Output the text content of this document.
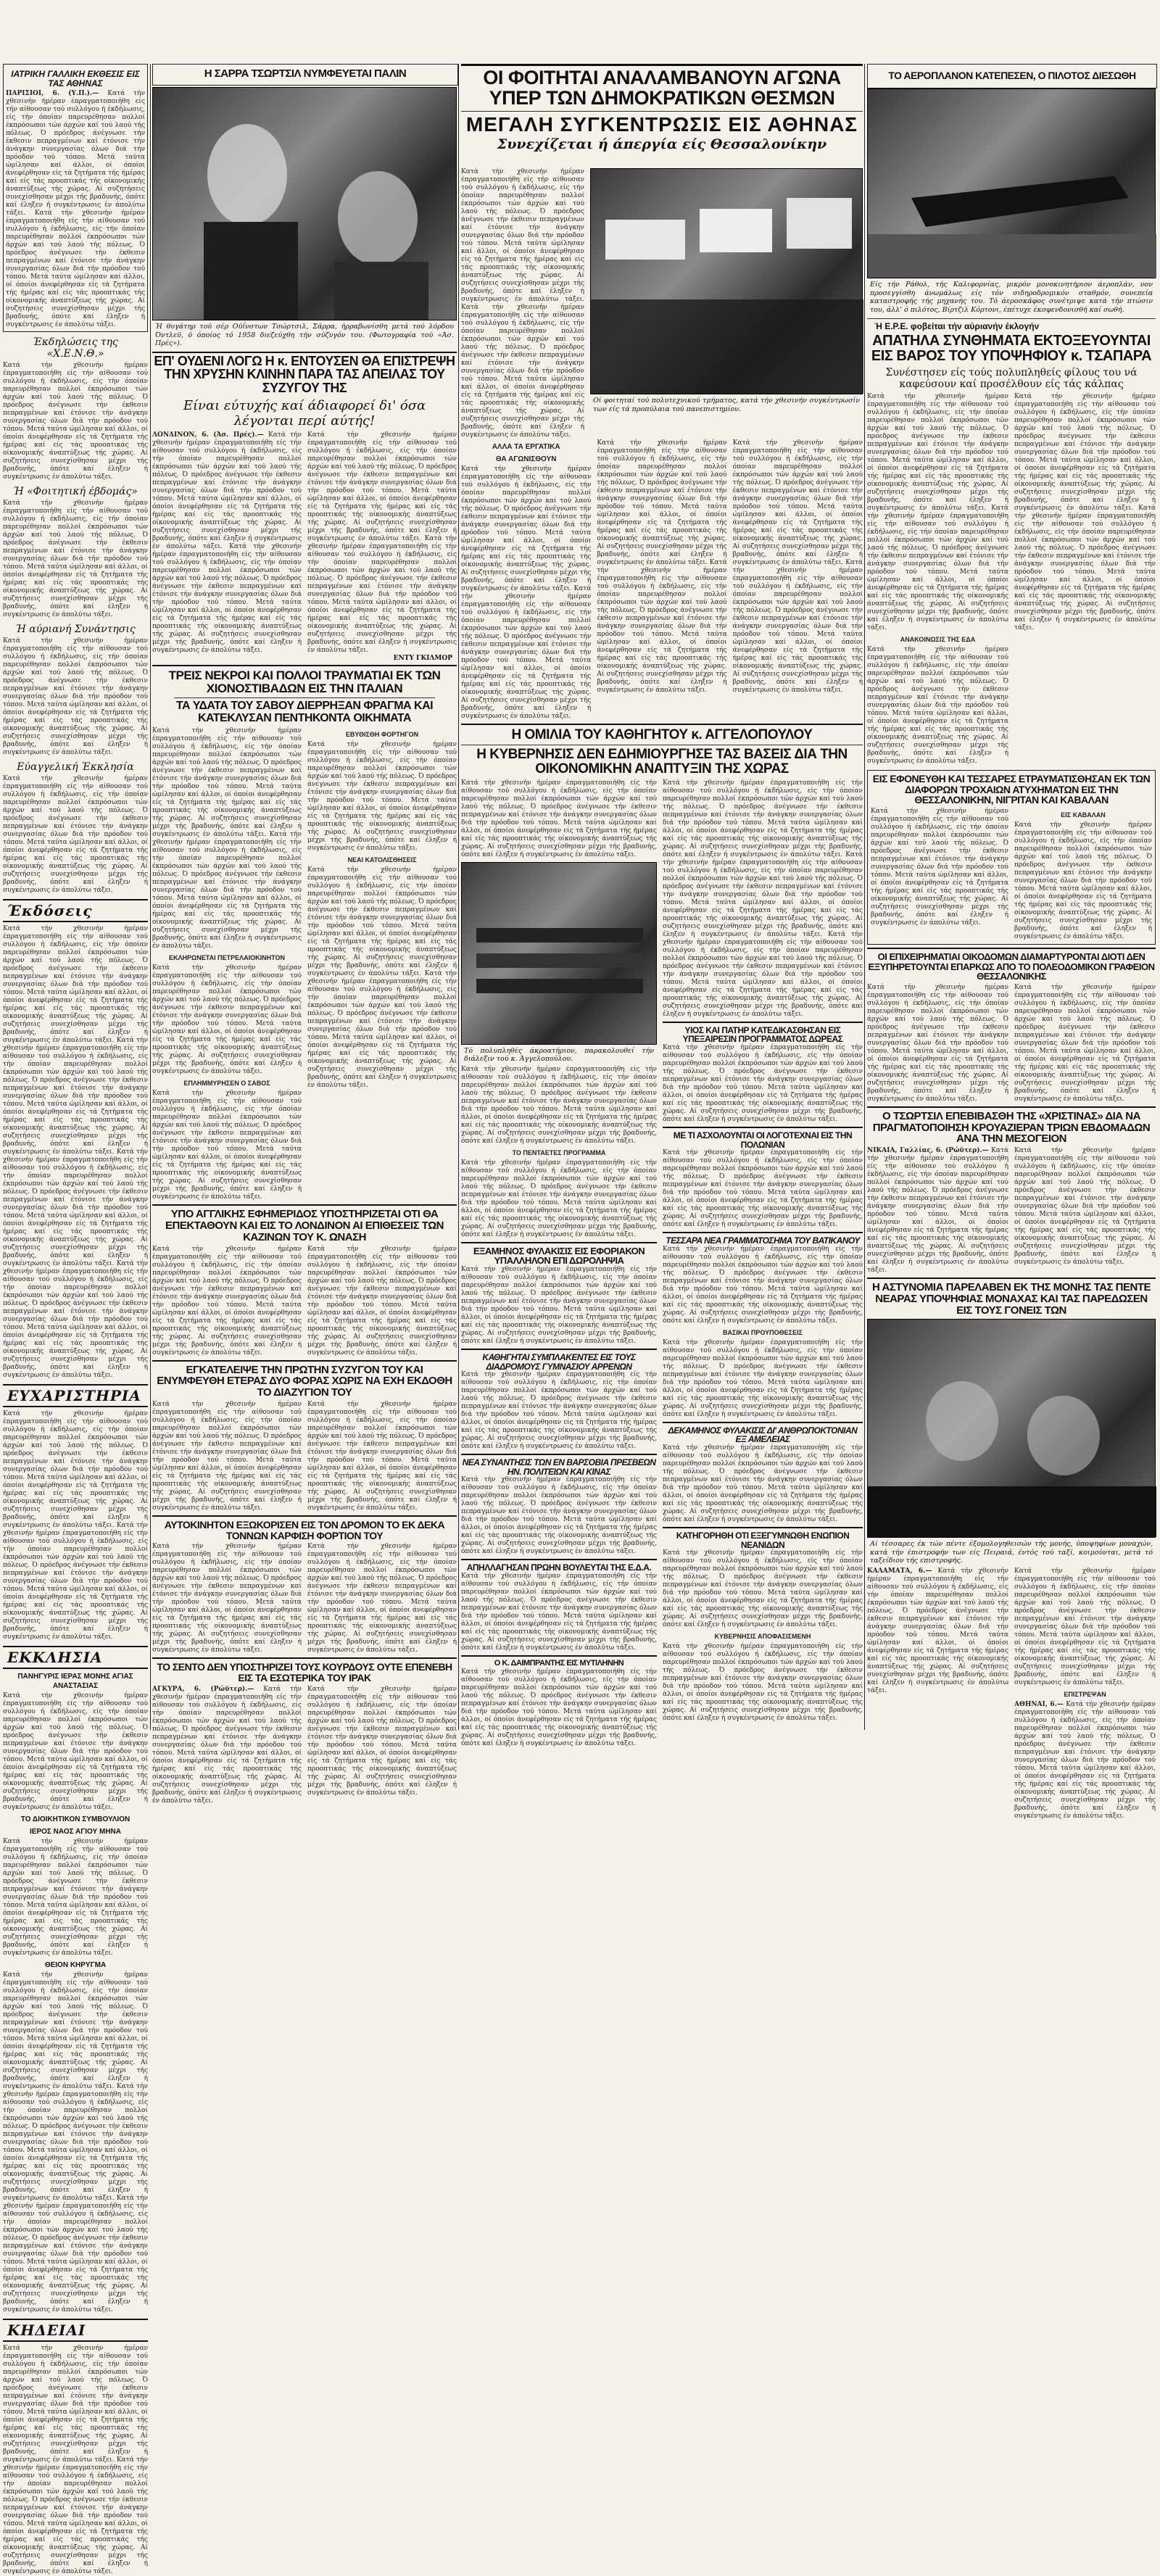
Η ΣΑΡΡΑ ΤΣΩΡΤΣΙΛ ΝΥΜΦΕΥΕΤΑΙ ΠΑΛΙΝ	ΟΙ ΦΟΙΤΗΤΑΙ ΑΝΑΛΑΜΒΑΝΟΥΝ ΑΓΩΝΑ
ΥΠΕΡ ΤΩΝ ΔΗΜΟΚΡΑΤΙΚΩΝ ΘΕΣΜΩΝ
ΜΕΓΑΛΗ ΣΥΓΚΕΝΤΡΩΣΙΣ ΕΙΣ ΑΘΗΝΑΣ
Συνεχίζεται ή άπεργία είς Θεσσαλονίκην
ΤΟ ΑΕΡΟΠΛΑΝΟΝ ΚΑΤΕΠΕΣΕΝ, Ο ΠΙΛΟΤΟΣ ΔΙΕΣΩΘΗ
ΙΑΤΡΙΚΗ ΓΑΛΛΙΚΗ ΕΚΘΕΣΙΣ ΕΙΣ ΤΑΣ ΑΘΗΝΑΣ
ΠΑΡΙΣΙΟΙ, 6. (Υ.Π.).— Κατά τήν χθεσινήν ήμέραν έπραγματοποιήθη είς τήν αίθουσαν τού συλλόγου ή έκδήλωσις, είς τήν όποίαν παρευρέθησαν πολλοί έκπρόσωποι τών άρχών καί τού λαού τής πόλεως. Ό πρόεδρος άνέγνωσε τήν έκθεσιν πεπραγμένων καί έτόνισε τήν άνάγκην συνεργασίας όλων διά τήν πρόοδον τού τόπου. Μετά ταύτα ώμίλησαν καί άλλοι, οί όποίοι άνεφέρθησαν είς τά ζητήματα τής ήμέρας καί είς τάς προοπτικάς τής οίκονομικής άναπτύξεως τής χώρας. Αί συζητήσεις συνεχίσθησαν μέχρι τής βραδυνής, όπότε καί έληξεν ή συγκέντρωσις έν άπολύτω τάξει. Κατά τήν χθεσινήν ήμέραν έπραγματοποιήθη είς τήν αίθουσαν τού συλλόγου ή έκδήλωσις, είς τήν όποίαν παρευρέθησαν πολλοί έκπρόσωποι τών άρχών καί τού λαού τής πόλεως. Ό πρόεδρος άνέγνωσε τήν έκθεσιν πεπραγμένων καί έτόνισε τήν άνάγκην συνεργασίας όλων διά τήν πρόοδον τού τόπου. Μετά ταύτα ώμίλησαν καί άλλοι, οί όποίοι άνεφέρθησαν είς τά ζητήματα τής ήμέρας καί είς τάς προοπτικάς τής οίκονομικής άναπτύξεως τής χώρας. Αί συζητήσεις συνεχίσθησαν μέχρι τής βραδυνής, όπότε καί έληξεν ή συγκέντρωσις έν άπολύτω τάξει.
Έκδηλώσεις της «Χ.Ε.Ν.Θ.»
Κατά τήν χθεσινήν ήμέραν έπραγματοποιήθη είς τήν αίθουσαν τού συλλόγου ή έκδήλωσις, είς τήν όποίαν παρευρέθησαν πολλοί έκπρόσωποι τών άρχών καί τού λαού τής πόλεως. Ό πρόεδρος άνέγνωσε τήν έκθεσιν πεπραγμένων καί έτόνισε τήν άνάγκην συνεργασίας όλων διά τήν πρόοδον τού τόπου. Μετά ταύτα ώμίλησαν καί άλλοι, οί όποίοι άνεφέρθησαν είς τά ζητήματα τής ήμέρας καί είς τάς προοπτικάς τής οίκονομικής άναπτύξεως τής χώρας. Αί συζητήσεις συνεχίσθησαν μέχρι τής βραδυνής, όπότε καί έληξεν ή συγκέντρωσις έν άπολύτω τάξει.
Ή «Φοιτητική έβδομάς»
Κατά τήν χθεσινήν ήμέραν έπραγματοποιήθη είς τήν αίθουσαν τού συλλόγου ή έκδήλωσις, είς τήν όποίαν παρευρέθησαν πολλοί έκπρόσωποι τών άρχών καί τού λαού τής πόλεως. Ό πρόεδρος άνέγνωσε τήν έκθεσιν πεπραγμένων καί έτόνισε τήν άνάγκην συνεργασίας όλων διά τήν πρόοδον τού τόπου. Μετά ταύτα ώμίλησαν καί άλλοι, οί όποίοι άνεφέρθησαν είς τά ζητήματα τής ήμέρας καί είς τάς προοπτικάς τής οίκονομικής άναπτύξεως τής χώρας. Αί συζητήσεις συνεχίσθησαν μέχρι τής βραδυνής, όπότε καί έληξεν ή συγκέντρωσις έν άπολύτω τάξει.
Ή αύριανή Συνάντησις
Κατά τήν χθεσινήν ήμέραν έπραγματοποιήθη είς τήν αίθουσαν τού συλλόγου ή έκδήλωσις, είς τήν όποίαν παρευρέθησαν πολλοί έκπρόσωποι τών άρχών καί τού λαού τής πόλεως. Ό πρόεδρος άνέγνωσε τήν έκθεσιν πεπραγμένων καί έτόνισε τήν άνάγκην συνεργασίας όλων διά τήν πρόοδον τού τόπου. Μετά ταύτα ώμίλησαν καί άλλοι, οί όποίοι άνεφέρθησαν είς τά ζητήματα τής ήμέρας καί είς τάς προοπτικάς τής οίκονομικής άναπτύξεως τής χώρας. Αί συζητήσεις συνεχίσθησαν μέχρι τής βραδυνής, όπότε καί έληξεν ή συγκέντρωσις έν άπολύτω τάξει.
Εύαγγελική Έκκλησία
Κατά τήν χθεσινήν ήμέραν έπραγματοποιήθη είς τήν αίθουσαν τού συλλόγου ή έκδήλωσις, είς τήν όποίαν παρευρέθησαν πολλοί έκπρόσωποι τών άρχών καί τού λαού τής πόλεως. Ό πρόεδρος άνέγνωσε τήν έκθεσιν πεπραγμένων καί έτόνισε τήν άνάγκην συνεργασίας όλων διά τήν πρόοδον τού τόπου. Μετά ταύτα ώμίλησαν καί άλλοι, οί όποίοι άνεφέρθησαν είς τά ζητήματα τής ήμέρας καί είς τάς προοπτικάς τής οίκονομικής άναπτύξεως τής χώρας. Αί συζητήσεις συνεχίσθησαν μέχρι τής βραδυνής, όπότε καί έληξεν ή συγκέντρωσις έν άπολύτω τάξει.
Έκδόσεις
Κατά τήν χθεσινήν ήμέραν έπραγματοποιήθη είς τήν αίθουσαν τού συλλόγου ή έκδήλωσις, είς τήν όποίαν παρευρέθησαν πολλοί έκπρόσωποι τών άρχών καί τού λαού τής πόλεως. Ό πρόεδρος άνέγνωσε τήν έκθεσιν πεπραγμένων καί έτόνισε τήν άνάγκην συνεργασίας όλων διά τήν πρόοδον τού τόπου. Μετά ταύτα ώμίλησαν καί άλλοι, οί όποίοι άνεφέρθησαν είς τά ζητήματα τής ήμέρας καί είς τάς προοπτικάς τής οίκονομικής άναπτύξεως τής χώρας. Αί συζητήσεις συνεχίσθησαν μέχρι τής βραδυνής, όπότε καί έληξεν ή συγκέντρωσις έν άπολύτω τάξει. Κατά τήν χθεσινήν ήμέραν έπραγματοποιήθη είς τήν αίθουσαν τού συλλόγου ή έκδήλωσις, είς τήν όποίαν παρευρέθησαν πολλοί έκπρόσωποι τών άρχών καί τού λαού τής πόλεως. Ό πρόεδρος άνέγνωσε τήν έκθεσιν πεπραγμένων καί έτόνισε τήν άνάγκην συνεργασίας όλων διά τήν πρόοδον τού τόπου. Μετά ταύτα ώμίλησαν καί άλλοι, οί όποίοι άνεφέρθησαν είς τά ζητήματα τής ήμέρας καί είς τάς προοπτικάς τής οίκονομικής άναπτύξεως τής χώρας. Αί συζητήσεις συνεχίσθησαν μέχρι τής βραδυνής, όπότε καί έληξεν ή συγκέντρωσις έν άπολύτω τάξει. Κατά τήν χθεσινήν ήμέραν έπραγματοποιήθη είς τήν αίθουσαν τού συλλόγου ή έκδήλωσις, είς τήν όποίαν παρευρέθησαν πολλοί έκπρόσωποι τών άρχών καί τού λαού τής πόλεως. Ό πρόεδρος άνέγνωσε τήν έκθεσιν πεπραγμένων καί έτόνισε τήν άνάγκην συνεργασίας όλων διά τήν πρόοδον τού τόπου. Μετά ταύτα ώμίλησαν καί άλλοι, οί όποίοι άνεφέρθησαν είς τά ζητήματα τής ήμέρας καί είς τάς προοπτικάς τής οίκονομικής άναπτύξεως τής χώρας. Αί συζητήσεις συνεχίσθησαν μέχρι τής βραδυνής, όπότε καί έληξεν ή συγκέντρωσις έν άπολύτω τάξει. Κατά τήν χθεσινήν ήμέραν έπραγματοποιήθη είς τήν αίθουσαν τού συλλόγου ή έκδήλωσις, είς τήν όποίαν παρευρέθησαν πολλοί έκπρόσωποι τών άρχών καί τού λαού τής πόλεως. Ό πρόεδρος άνέγνωσε τήν έκθεσιν πεπραγμένων καί έτόνισε τήν άνάγκην συνεργασίας όλων διά τήν πρόοδον τού τόπου. Μετά ταύτα ώμίλησαν καί άλλοι, οί όποίοι άνεφέρθησαν είς τά ζητήματα τής ήμέρας καί είς τάς προοπτικάς τής οίκονομικής άναπτύξεως τής χώρας. Αί συζητήσεις συνεχίσθησαν μέχρι τής βραδυνής, όπότε καί έληξεν ή συγκέντρωσις έν άπολύτω τάξει.
ΕΥΧΑΡΙΣΤΗΡΙΑ
Κατά τήν χθεσινήν ήμέραν έπραγματοποιήθη είς τήν αίθουσαν τού συλλόγου ή έκδήλωσις, είς τήν όποίαν παρευρέθησαν πολλοί έκπρόσωποι τών άρχών καί τού λαού τής πόλεως. Ό πρόεδρος άνέγνωσε τήν έκθεσιν πεπραγμένων καί έτόνισε τήν άνάγκην συνεργασίας όλων διά τήν πρόοδον τού τόπου. Μετά ταύτα ώμίλησαν καί άλλοι, οί όποίοι άνεφέρθησαν είς τά ζητήματα τής ήμέρας καί είς τάς προοπτικάς τής οίκονομικής άναπτύξεως τής χώρας. Αί συζητήσεις συνεχίσθησαν μέχρι τής βραδυνής, όπότε καί έληξεν ή συγκέντρωσις έν άπολύτω τάξει. Κατά τήν χθεσινήν ήμέραν έπραγματοποιήθη είς τήν αίθουσαν τού συλλόγου ή έκδήλωσις, είς τήν όποίαν παρευρέθησαν πολλοί έκπρόσωποι τών άρχών καί τού λαού τής πόλεως. Ό πρόεδρος άνέγνωσε τήν έκθεσιν πεπραγμένων καί έτόνισε τήν άνάγκην συνεργασίας όλων διά τήν πρόοδον τού τόπου. Μετά ταύτα ώμίλησαν καί άλλοι, οί όποίοι άνεφέρθησαν είς τά ζητήματα τής ήμέρας καί είς τάς προοπτικάς τής οίκονομικής άναπτύξεως τής χώρας. Αί συζητήσεις συνεχίσθησαν μέχρι τής βραδυνής, όπότε καί έληξεν ή συγκέντρωσις έν άπολύτω τάξει.
ΕΚΚΛΗΣΙΑ
ΠΑΝΗΓΥΡΙΣ ΙΕΡΑΣ ΜΟΝΗΣ ΑΓΙΑΣ ΑΝΑΣΤΑΣΙΑΣ
Κατά τήν χθεσινήν ήμέραν έπραγματοποιήθη είς τήν αίθουσαν τού συλλόγου ή έκδήλωσις, είς τήν όποίαν παρευρέθησαν πολλοί έκπρόσωποι τών άρχών καί τού λαού τής πόλεως. Ό πρόεδρος άνέγνωσε τήν έκθεσιν πεπραγμένων καί έτόνισε τήν άνάγκην συνεργασίας όλων διά τήν πρόοδον τού τόπου. Μετά ταύτα ώμίλησαν καί άλλοι, οί όποίοι άνεφέρθησαν είς τά ζητήματα τής ήμέρας καί είς τάς προοπτικάς τής οίκονομικής άναπτύξεως τής χώρας. Αί συζητήσεις συνεχίσθησαν μέχρι τής βραδυνής, όπότε καί έληξεν ή συγκέντρωσις έν άπολύτω τάξει.
ΤΟ ΔΙΟΙΚΗΤΙΚΟΝ ΣΥΜΒΟΥΛΙΟΝ
ΙΕΡΟΣ ΝΑΟΣ ΑΓΙΟΥ ΜΗΝΑ
Κατά τήν χθεσινήν ήμέραν έπραγματοποιήθη είς τήν αίθουσαν τού συλλόγου ή έκδήλωσις, είς τήν όποίαν παρευρέθησαν πολλοί έκπρόσωποι τών άρχών καί τού λαού τής πόλεως. Ό πρόεδρος άνέγνωσε τήν έκθεσιν πεπραγμένων καί έτόνισε τήν άνάγκην συνεργασίας όλων διά τήν πρόοδον τού τόπου. Μετά ταύτα ώμίλησαν καί άλλοι, οί όποίοι άνεφέρθησαν είς τά ζητήματα τής ήμέρας καί είς τάς προοπτικάς τής οίκονομικής άναπτύξεως τής χώρας. Αί συζητήσεις συνεχίσθησαν μέχρι τής βραδυνής, όπότε καί έληξεν ή συγκέντρωσις έν άπολύτω τάξει.
ΘΕΙΟΝ ΚΗΡΥΓΜΑ
Κατά τήν χθεσινήν ήμέραν έπραγματοποιήθη είς τήν αίθουσαν τού συλλόγου ή έκδήλωσις, είς τήν όποίαν παρευρέθησαν πολλοί έκπρόσωποι τών άρχών καί τού λαού τής πόλεως. Ό πρόεδρος άνέγνωσε τήν έκθεσιν πεπραγμένων καί έτόνισε τήν άνάγκην συνεργασίας όλων διά τήν πρόοδον τού τόπου. Μετά ταύτα ώμίλησαν καί άλλοι, οί όποίοι άνεφέρθησαν είς τά ζητήματα τής ήμέρας καί είς τάς προοπτικάς τής οίκονομικής άναπτύξεως τής χώρας. Αί συζητήσεις συνεχίσθησαν μέχρι τής βραδυνής, όπότε καί έληξεν ή συγκέντρωσις έν άπολύτω τάξει. Κατά τήν χθεσινήν ήμέραν έπραγματοποιήθη είς τήν αίθουσαν τού συλλόγου ή έκδήλωσις, είς τήν όποίαν παρευρέθησαν πολλοί έκπρόσωποι τών άρχών καί τού λαού τής πόλεως. Ό πρόεδρος άνέγνωσε τήν έκθεσιν πεπραγμένων καί έτόνισε τήν άνάγκην συνεργασίας όλων διά τήν πρόοδον τού τόπου. Μετά ταύτα ώμίλησαν καί άλλοι, οί όποίοι άνεφέρθησαν είς τά ζητήματα τής ήμέρας καί είς τάς προοπτικάς τής οίκονομικής άναπτύξεως τής χώρας. Αί συζητήσεις συνεχίσθησαν μέχρι τής βραδυνής, όπότε καί έληξεν ή συγκέντρωσις έν άπολύτω τάξει. Κατά τήν χθεσινήν ήμέραν έπραγματοποιήθη είς τήν αίθουσαν τού συλλόγου ή έκδήλωσις, είς τήν όποίαν παρευρέθησαν πολλοί έκπρόσωποι τών άρχών καί τού λαού τής πόλεως. Ό πρόεδρος άνέγνωσε τήν έκθεσιν πεπραγμένων καί έτόνισε τήν άνάγκην συνεργασίας όλων διά τήν πρόοδον τού τόπου. Μετά ταύτα ώμίλησαν καί άλλοι, οί όποίοι άνεφέρθησαν είς τά ζητήματα τής ήμέρας καί είς τάς προοπτικάς τής οίκονομικής άναπτύξεως τής χώρας. Αί συζητήσεις συνεχίσθησαν μέχρι τής βραδυνής, όπότε καί έληξεν ή συγκέντρωσις έν άπολύτω τάξει.
ΚΗΔΕΙΑΙ
Κατά τήν χθεσινήν ήμέραν έπραγματοποιήθη είς τήν αίθουσαν τού συλλόγου ή έκδήλωσις, είς τήν όποίαν παρευρέθησαν πολλοί έκπρόσωποι τών άρχών καί τού λαού τής πόλεως. Ό πρόεδρος άνέγνωσε τήν έκθεσιν πεπραγμένων καί έτόνισε τήν άνάγκην συνεργασίας όλων διά τήν πρόοδον τού τόπου. Μετά ταύτα ώμίλησαν καί άλλοι, οί όποίοι άνεφέρθησαν είς τά ζητήματα τής ήμέρας καί είς τάς προοπτικάς τής οίκονομικής άναπτύξεως τής χώρας. Αί συζητήσεις συνεχίσθησαν μέχρι τής βραδυνής, όπότε καί έληξεν ή συγκέντρωσις έν άπολύτω τάξει. Κατά τήν χθεσινήν ήμέραν έπραγματοποιήθη είς τήν αίθουσαν τού συλλόγου ή έκδήλωσις, είς τήν όποίαν παρευρέθησαν πολλοί έκπρόσωποι τών άρχών καί τού λαού τής πόλεως. Ό πρόεδρος άνέγνωσε τήν έκθεσιν πεπραγμένων καί έτόνισε τήν άνάγκην συνεργασίας όλων διά τήν πρόοδον τού τόπου. Μετά ταύτα ώμίλησαν καί άλλοι, οί όποίοι άνεφέρθησαν είς τά ζητήματα τής ήμέρας καί είς τάς προοπτικάς τής οίκονομικής άναπτύξεως τής χώρας. Αί συζητήσεις συνεχίσθησαν μέχρι τής βραδυνής, όπότε καί έληξεν ή συγκέντρωσις έν άπολύτω τάξει.
Ή θυγάτηρ τού σέρ Ούΐνστων Τσώρτσιλ, Σάρρα, ήρραβωνίσθη μετά τού λόρδου Όντλεϋ, ό όποίος τό 1958 διεζεύχθη τήν σύζυγόν του. (Φωτογραφία τού «Άσ. Πρές»).
ΕΠ' ΟΥΔΕΝΙ ΛΟΓΩ Η κ. ΕΝΤΟΥΣΕΝ ΘΑ ΕΠΙΣΤΡΕΨΗ ΤΗΝ ΧΡΥΣΗΝ ΚΛΙΝΗΝ ΠΑΡΑ ΤΑΣ ΑΠΕΙΛΑΣ ΤΟΥ ΣΥΖΥΓΟΥ ΤΗΣ
Είναι εύτυχής καί άδιαφορεί δι' όσα λέγονται περί αύτής!
ΛΟΝΔΙΝΟΝ, 6. (Άσ. Πρές).— Κατά τήν χθεσινήν ήμέραν έπραγματοποιήθη είς τήν αίθουσαν τού συλλόγου ή έκδήλωσις, είς τήν όποίαν παρευρέθησαν πολλοί έκπρόσωποι τών άρχών καί τού λαού τής πόλεως. Ό πρόεδρος άνέγνωσε τήν έκθεσιν πεπραγμένων καί έτόνισε τήν άνάγκην συνεργασίας όλων διά τήν πρόοδον τού τόπου. Μετά ταύτα ώμίλησαν καί άλλοι, οί όποίοι άνεφέρθησαν είς τά ζητήματα τής ήμέρας καί είς τάς προοπτικάς τής οίκονομικής άναπτύξεως τής χώρας. Αί συζητήσεις συνεχίσθησαν μέχρι τής βραδυνής, όπότε καί έληξεν ή συγκέντρωσις έν άπολύτω τάξει. Κατά τήν χθεσινήν ήμέραν έπραγματοποιήθη είς τήν αίθουσαν τού συλλόγου ή έκδήλωσις, είς τήν όποίαν παρευρέθησαν πολλοί έκπρόσωποι τών άρχών καί τού λαού τής πόλεως. Ό πρόεδρος άνέγνωσε τήν έκθεσιν πεπραγμένων καί έτόνισε τήν άνάγκην συνεργασίας όλων διά τήν πρόοδον τού τόπου. Μετά ταύτα ώμίλησαν καί άλλοι, οί όποίοι άνεφέρθησαν είς τά ζητήματα τής ήμέρας καί είς τάς προοπτικάς τής οίκονομικής άναπτύξεως τής χώρας. Αί συζητήσεις συνεχίσθησαν μέχρι τής βραδυνής, όπότε καί έληξεν ή συγκέντρωσις έν άπολύτω τάξει.
Κατά τήν χθεσινήν ήμέραν έπραγματοποιήθη είς τήν αίθουσαν τού συλλόγου ή έκδήλωσις, είς τήν όποίαν παρευρέθησαν πολλοί έκπρόσωποι τών άρχών καί τού λαού τής πόλεως. Ό πρόεδρος άνέγνωσε τήν έκθεσιν πεπραγμένων καί έτόνισε τήν άνάγκην συνεργασίας όλων διά τήν πρόοδον τού τόπου. Μετά ταύτα ώμίλησαν καί άλλοι, οί όποίοι άνεφέρθησαν είς τά ζητήματα τής ήμέρας καί είς τάς προοπτικάς τής οίκονομικής άναπτύξεως τής χώρας. Αί συζητήσεις συνεχίσθησαν μέχρι τής βραδυνής, όπότε καί έληξεν ή συγκέντρωσις έν άπολύτω τάξει. Κατά τήν χθεσινήν ήμέραν έπραγματοποιήθη είς τήν αίθουσαν τού συλλόγου ή έκδήλωσις, είς τήν όποίαν παρευρέθησαν πολλοί έκπρόσωποι τών άρχών καί τού λαού τής πόλεως. Ό πρόεδρος άνέγνωσε τήν έκθεσιν πεπραγμένων καί έτόνισε τήν άνάγκην συνεργασίας όλων διά τήν πρόοδον τού τόπου. Μετά ταύτα ώμίλησαν καί άλλοι, οί όποίοι άνεφέρθησαν είς τά ζητήματα τής ήμέρας καί είς τάς προοπτικάς τής οίκονομικής άναπτύξεως τής χώρας. Αί συζητήσεις συνεχίσθησαν μέχρι τής βραδυνής, όπότε καί έληξεν ή συγκέντρωσις έν άπολύτω τάξει.
ΕΝΤΥ ΓΚΙΛΜΟΡ
ΤΡΕΙΣ ΝΕΚΡΟΙ ΚΑΙ ΠΟΛΛΟΙ ΤΡΑΥΜΑΤΙΑΙ ΕΚ ΤΩΝ ΧΙΟΝΟΣΤΙΒΑΔΩΝ ΕΙΣ ΤΗΝ ΙΤΑΛΙΑΝ
ΤΑ ΥΔΑΤΑ ΤΟΥ ΣΑΒΟΥ ΔΙΕΡΡΗΞΑΝ ΦΡΑΓΜΑ ΚΑΙ ΚΑΤΕΚΛΥΣΑΝ ΠΕΝΤΗΚΟΝΤΑ ΟΙΚΗΜΑΤΑ
Κατά τήν χθεσινήν ήμέραν έπραγματοποιήθη είς τήν αίθουσαν τού συλλόγου ή έκδήλωσις, είς τήν όποίαν παρευρέθησαν πολλοί έκπρόσωποι τών άρχών καί τού λαού τής πόλεως. Ό πρόεδρος άνέγνωσε τήν έκθεσιν πεπραγμένων καί έτόνισε τήν άνάγκην συνεργασίας όλων διά τήν πρόοδον τού τόπου. Μετά ταύτα ώμίλησαν καί άλλοι, οί όποίοι άνεφέρθησαν είς τά ζητήματα τής ήμέρας καί είς τάς προοπτικάς τής οίκονομικής άναπτύξεως τής χώρας. Αί συζητήσεις συνεχίσθησαν μέχρι τής βραδυνής, όπότε καί έληξεν ή συγκέντρωσις έν άπολύτω τάξει. Κατά τήν χθεσινήν ήμέραν έπραγματοποιήθη είς τήν αίθουσαν τού συλλόγου ή έκδήλωσις, είς τήν όποίαν παρευρέθησαν πολλοί έκπρόσωποι τών άρχών καί τού λαού τής πόλεως. Ό πρόεδρος άνέγνωσε τήν έκθεσιν πεπραγμένων καί έτόνισε τήν άνάγκην συνεργασίας όλων διά τήν πρόοδον τού τόπου. Μετά ταύτα ώμίλησαν καί άλλοι, οί όποίοι άνεφέρθησαν είς τά ζητήματα τής ήμέρας καί είς τάς προοπτικάς τής οίκονομικής άναπτύξεως τής χώρας. Αί συζητήσεις συνεχίσθησαν μέχρι τής βραδυνής, όπότε καί έληξεν ή συγκέντρωσις έν άπολύτω τάξει.
ΕΚΛΗΡΩΝΕΤΑΙ ΠΕΤΡΕΛΑΙΟΚΙΝΗΤΟΝ
Κατά τήν χθεσινήν ήμέραν έπραγματοποιήθη είς τήν αίθουσαν τού συλλόγου ή έκδήλωσις, είς τήν όποίαν παρευρέθησαν πολλοί έκπρόσωποι τών άρχών καί τού λαού τής πόλεως. Ό πρόεδρος άνέγνωσε τήν έκθεσιν πεπραγμένων καί έτόνισε τήν άνάγκην συνεργασίας όλων διά τήν πρόοδον τού τόπου. Μετά ταύτα ώμίλησαν καί άλλοι, οί όποίοι άνεφέρθησαν είς τά ζητήματα τής ήμέρας καί είς τάς προοπτικάς τής οίκονομικής άναπτύξεως τής χώρας. Αί συζητήσεις συνεχίσθησαν μέχρι τής βραδυνής, όπότε καί έληξεν ή συγκέντρωσις έν άπολύτω τάξει.
ΕΠΛΗΜΜΥΡΗΣΕΝ Ο ΣΑΒΟΣ
Κατά τήν χθεσινήν ήμέραν έπραγματοποιήθη είς τήν αίθουσαν τού συλλόγου ή έκδήλωσις, είς τήν όποίαν παρευρέθησαν πολλοί έκπρόσωποι τών άρχών καί τού λαού τής πόλεως. Ό πρόεδρος άνέγνωσε τήν έκθεσιν πεπραγμένων καί έτόνισε τήν άνάγκην συνεργασίας όλων διά τήν πρόοδον τού τόπου. Μετά ταύτα ώμίλησαν καί άλλοι, οί όποίοι άνεφέρθησαν είς τά ζητήματα τής ήμέρας καί είς τάς προοπτικάς τής οίκονομικής άναπτύξεως τής χώρας. Αί συζητήσεις συνεχίσθησαν μέχρι τής βραδυνής, όπότε καί έληξεν ή συγκέντρωσις έν άπολύτω τάξει.
ΕΒΥΘΙΣΘΗ ΦΟΡΤΗΓΟΝ
Κατά τήν χθεσινήν ήμέραν έπραγματοποιήθη είς τήν αίθουσαν τού συλλόγου ή έκδήλωσις, είς τήν όποίαν παρευρέθησαν πολλοί έκπρόσωποι τών άρχών καί τού λαού τής πόλεως. Ό πρόεδρος άνέγνωσε τήν έκθεσιν πεπραγμένων καί έτόνισε τήν άνάγκην συνεργασίας όλων διά τήν πρόοδον τού τόπου. Μετά ταύτα ώμίλησαν καί άλλοι, οί όποίοι άνεφέρθησαν είς τά ζητήματα τής ήμέρας καί είς τάς προοπτικάς τής οίκονομικής άναπτύξεως τής χώρας. Αί συζητήσεις συνεχίσθησαν μέχρι τής βραδυνής, όπότε καί έληξεν ή συγκέντρωσις έν άπολύτω τάξει.
ΝΕΑΙ ΚΑΤΟΛΙΣΘΗΣΕΙΣ
Κατά τήν χθεσινήν ήμέραν έπραγματοποιήθη είς τήν αίθουσαν τού συλλόγου ή έκδήλωσις, είς τήν όποίαν παρευρέθησαν πολλοί έκπρόσωποι τών άρχών καί τού λαού τής πόλεως. Ό πρόεδρος άνέγνωσε τήν έκθεσιν πεπραγμένων καί έτόνισε τήν άνάγκην συνεργασίας όλων διά τήν πρόοδον τού τόπου. Μετά ταύτα ώμίλησαν καί άλλοι, οί όποίοι άνεφέρθησαν είς τά ζητήματα τής ήμέρας καί είς τάς προοπτικάς τής οίκονομικής άναπτύξεως τής χώρας. Αί συζητήσεις συνεχίσθησαν μέχρι τής βραδυνής, όπότε καί έληξεν ή συγκέντρωσις έν άπολύτω τάξει. Κατά τήν χθεσινήν ήμέραν έπραγματοποιήθη είς τήν αίθουσαν τού συλλόγου ή έκδήλωσις, είς τήν όποίαν παρευρέθησαν πολλοί έκπρόσωποι τών άρχών καί τού λαού τής πόλεως. Ό πρόεδρος άνέγνωσε τήν έκθεσιν πεπραγμένων καί έτόνισε τήν άνάγκην συνεργασίας όλων διά τήν πρόοδον τού τόπου. Μετά ταύτα ώμίλησαν καί άλλοι, οί όποίοι άνεφέρθησαν είς τά ζητήματα τής ήμέρας καί είς τάς προοπτικάς τής οίκονομικής άναπτύξεως τής χώρας. Αί συζητήσεις συνεχίσθησαν μέχρι τής βραδυνής, όπότε καί έληξεν ή συγκέντρωσις έν άπολύτω τάξει.
ΥΠΟ ΑΓΓΛΙΚΗΣ ΕΦΗΜΕΡΙΔΟΣ ΥΠΟΣΤΗΡΙΖΕΤΑΙ ΟΤΙ ΘΑ ΕΠΕΚΤΑΘΟΥΝ ΚΑΙ ΕΙΣ ΤΟ ΛΟΝΔΙΝΟΝ ΑΙ ΕΠΙΘΕΣΕΙΣ ΤΩΝ ΚΑΖΙΝΩΝ ΤΟΥ Κ. ΩΝΑΣΗ
Κατά τήν χθεσινήν ήμέραν έπραγματοποιήθη είς τήν αίθουσαν τού συλλόγου ή έκδήλωσις, είς τήν όποίαν παρευρέθησαν πολλοί έκπρόσωποι τών άρχών καί τού λαού τής πόλεως. Ό πρόεδρος άνέγνωσε τήν έκθεσιν πεπραγμένων καί έτόνισε τήν άνάγκην συνεργασίας όλων διά τήν πρόοδον τού τόπου. Μετά ταύτα ώμίλησαν καί άλλοι, οί όποίοι άνεφέρθησαν είς τά ζητήματα τής ήμέρας καί είς τάς προοπτικάς τής οίκονομικής άναπτύξεως τής χώρας. Αί συζητήσεις συνεχίσθησαν μέχρι τής βραδυνής, όπότε καί έληξεν ή συγκέντρωσις έν άπολύτω τάξει.
Κατά τήν χθεσινήν ήμέραν έπραγματοποιήθη είς τήν αίθουσαν τού συλλόγου ή έκδήλωσις, είς τήν όποίαν παρευρέθησαν πολλοί έκπρόσωποι τών άρχών καί τού λαού τής πόλεως. Ό πρόεδρος άνέγνωσε τήν έκθεσιν πεπραγμένων καί έτόνισε τήν άνάγκην συνεργασίας όλων διά τήν πρόοδον τού τόπου. Μετά ταύτα ώμίλησαν καί άλλοι, οί όποίοι άνεφέρθησαν είς τά ζητήματα τής ήμέρας καί είς τάς προοπτικάς τής οίκονομικής άναπτύξεως τής χώρας. Αί συζητήσεις συνεχίσθησαν μέχρι τής βραδυνής, όπότε καί έληξεν ή συγκέντρωσις έν άπολύτω τάξει.
ΕΓΚΑΤΕΛΕΙΨΕ ΤΗΝ ΠΡΩΤΗΝ ΣΥΖΥΓΟΝ ΤΟΥ ΚΑΙ ΕΝΥΜΦΕΥΘΗ ΕΤΕΡΑΣ ΔΥΟ ΦΟΡΑΣ ΧΩΡΙΣ ΝΑ ΕΧΗ ΕΚΔΟΘΗ ΤΟ ΔΙΑΖΥΓΙΟΝ ΤΟΥ
Κατά τήν χθεσινήν ήμέραν έπραγματοποιήθη είς τήν αίθουσαν τού συλλόγου ή έκδήλωσις, είς τήν όποίαν παρευρέθησαν πολλοί έκπρόσωποι τών άρχών καί τού λαού τής πόλεως. Ό πρόεδρος άνέγνωσε τήν έκθεσιν πεπραγμένων καί έτόνισε τήν άνάγκην συνεργασίας όλων διά τήν πρόοδον τού τόπου. Μετά ταύτα ώμίλησαν καί άλλοι, οί όποίοι άνεφέρθησαν είς τά ζητήματα τής ήμέρας καί είς τάς προοπτικάς τής οίκονομικής άναπτύξεως τής χώρας. Αί συζητήσεις συνεχίσθησαν μέχρι τής βραδυνής, όπότε καί έληξεν ή συγκέντρωσις έν άπολύτω τάξει.
Κατά τήν χθεσινήν ήμέραν έπραγματοποιήθη είς τήν αίθουσαν τού συλλόγου ή έκδήλωσις, είς τήν όποίαν παρευρέθησαν πολλοί έκπρόσωποι τών άρχών καί τού λαού τής πόλεως. Ό πρόεδρος άνέγνωσε τήν έκθεσιν πεπραγμένων καί έτόνισε τήν άνάγκην συνεργασίας όλων διά τήν πρόοδον τού τόπου. Μετά ταύτα ώμίλησαν καί άλλοι, οί όποίοι άνεφέρθησαν είς τά ζητήματα τής ήμέρας καί είς τάς προοπτικάς τής οίκονομικής άναπτύξεως τής χώρας. Αί συζητήσεις συνεχίσθησαν μέχρι τής βραδυνής, όπότε καί έληξεν ή συγκέντρωσις έν άπολύτω τάξει.
ΑΥΤΟΚΙΝΗΤΟΝ ΕΞΩΚΟΡΙΣΕΝ ΕΙΣ ΤΟΝ ΔΡΟΜΟΝ ΤΟ ΕΚ ΔΕΚΑ ΤΟΝΝΩΝ ΚΑΡΦΙΣΗ ΦΟΡΤΙΟΝ ΤΟΥ
Κατά τήν χθεσινήν ήμέραν έπραγματοποιήθη είς τήν αίθουσαν τού συλλόγου ή έκδήλωσις, είς τήν όποίαν παρευρέθησαν πολλοί έκπρόσωποι τών άρχών καί τού λαού τής πόλεως. Ό πρόεδρος άνέγνωσε τήν έκθεσιν πεπραγμένων καί έτόνισε τήν άνάγκην συνεργασίας όλων διά τήν πρόοδον τού τόπου. Μετά ταύτα ώμίλησαν καί άλλοι, οί όποίοι άνεφέρθησαν είς τά ζητήματα τής ήμέρας καί είς τάς προοπτικάς τής οίκονομικής άναπτύξεως τής χώρας. Αί συζητήσεις συνεχίσθησαν μέχρι τής βραδυνής, όπότε καί έληξεν ή συγκέντρωσις έν άπολύτω τάξει.
Κατά τήν χθεσινήν ήμέραν έπραγματοποιήθη είς τήν αίθουσαν τού συλλόγου ή έκδήλωσις, είς τήν όποίαν παρευρέθησαν πολλοί έκπρόσωποι τών άρχών καί τού λαού τής πόλεως. Ό πρόεδρος άνέγνωσε τήν έκθεσιν πεπραγμένων καί έτόνισε τήν άνάγκην συνεργασίας όλων διά τήν πρόοδον τού τόπου. Μετά ταύτα ώμίλησαν καί άλλοι, οί όποίοι άνεφέρθησαν είς τά ζητήματα τής ήμέρας καί είς τάς προοπτικάς τής οίκονομικής άναπτύξεως τής χώρας. Αί συζητήσεις συνεχίσθησαν μέχρι τής βραδυνής, όπότε καί έληξεν ή συγκέντρωσις έν άπολύτω τάξει.
ΤΟ ΣΕΝΤΟ ΔΕΝ ΥΠΟΣΤΗΡΙΖΕΙ ΤΟΥΣ ΚΟΥΡΔΟΥΣ ΟΥΤΕ ΕΠΕΝΕΒΗ ΕΙΣ ΤΑ ΕΣΩΤΕΡΙΚΑ ΤΟΥ ΙΡΑΚ
ΑΓΚΥΡΑ, 6. (Ρώϋτερ).— Κατά τήν χθεσινήν ήμέραν έπραγματοποιήθη είς τήν αίθουσαν τού συλλόγου ή έκδήλωσις, είς τήν όποίαν παρευρέθησαν πολλοί έκπρόσωποι τών άρχών καί τού λαού τής πόλεως. Ό πρόεδρος άνέγνωσε τήν έκθεσιν πεπραγμένων καί έτόνισε τήν άνάγκην συνεργασίας όλων διά τήν πρόοδον τού τόπου. Μετά ταύτα ώμίλησαν καί άλλοι, οί όποίοι άνεφέρθησαν είς τά ζητήματα τής ήμέρας καί είς τάς προοπτικάς τής οίκονομικής άναπτύξεως τής χώρας. Αί συζητήσεις συνεχίσθησαν μέχρι τής βραδυνής, όπότε καί έληξεν ή συγκέντρωσις έν άπολύτω τάξει.
Κατά τήν χθεσινήν ήμέραν έπραγματοποιήθη είς τήν αίθουσαν τού συλλόγου ή έκδήλωσις, είς τήν όποίαν παρευρέθησαν πολλοί έκπρόσωποι τών άρχών καί τού λαού τής πόλεως. Ό πρόεδρος άνέγνωσε τήν έκθεσιν πεπραγμένων καί έτόνισε τήν άνάγκην συνεργασίας όλων διά τήν πρόοδον τού τόπου. Μετά ταύτα ώμίλησαν καί άλλοι, οί όποίοι άνεφέρθησαν είς τά ζητήματα τής ήμέρας καί είς τάς προοπτικάς τής οίκονομικής άναπτύξεως τής χώρας. Αί συζητήσεις συνεχίσθησαν μέχρι τής βραδυνής, όπότε καί έληξεν ή συγκέντρωσις έν άπολύτω τάξει.
Κατά τήν χθεσινήν ήμέραν έπραγματοποιήθη είς τήν αίθουσαν τού συλλόγου ή έκδήλωσις, είς τήν όποίαν παρευρέθησαν πολλοί έκπρόσωποι τών άρχών καί τού λαού τής πόλεως. Ό πρόεδρος άνέγνωσε τήν έκθεσιν πεπραγμένων καί έτόνισε τήν άνάγκην συνεργασίας όλων διά τήν πρόοδον τού τόπου. Μετά ταύτα ώμίλησαν καί άλλοι, οί όποίοι άνεφέρθησαν είς τά ζητήματα τής ήμέρας καί είς τάς προοπτικάς τής οίκονομικής άναπτύξεως τής χώρας. Αί συζητήσεις συνεχίσθησαν μέχρι τής βραδυνής, όπότε καί έληξεν ή συγκέντρωσις έν άπολύτω τάξει. Κατά τήν χθεσινήν ήμέραν έπραγματοποιήθη είς τήν αίθουσαν τού συλλόγου ή έκδήλωσις, είς τήν όποίαν παρευρέθησαν πολλοί έκπρόσωποι τών άρχών καί τού λαού τής πόλεως. Ό πρόεδρος άνέγνωσε τήν έκθεσιν πεπραγμένων καί έτόνισε τήν άνάγκην συνεργασίας όλων διά τήν πρόοδον τού τόπου. Μετά ταύτα ώμίλησαν καί άλλοι, οί όποίοι άνεφέρθησαν είς τά ζητήματα τής ήμέρας καί είς τάς προοπτικάς τής οίκονομικής άναπτύξεως τής χώρας. Αί συζητήσεις συνεχίσθησαν μέχρι τής βραδυνής, όπότε καί έληξεν ή συγκέντρωσις έν άπολύτω τάξει.
Οί φοιτηταί τού πολυτεχνικού τμήματος, κατά τήν χθεσινήν συγκέντρωσίν των είς τά προπύλαια τού πανεπιστημίου.
ΑΛΛΑ ΤΑ ΕΡΓΑΤΙΚΑ
ΘΑ ΑΓΩΝΙΣΘΟΥΝ
Κατά τήν χθεσινήν ήμέραν έπραγματοποιήθη είς τήν αίθουσαν τού συλλόγου ή έκδήλωσις, είς τήν όποίαν παρευρέθησαν πολλοί έκπρόσωποι τών άρχών καί τού λαού τής πόλεως. Ό πρόεδρος άνέγνωσε τήν έκθεσιν πεπραγμένων καί έτόνισε τήν άνάγκην συνεργασίας όλων διά τήν πρόοδον τού τόπου. Μετά ταύτα ώμίλησαν καί άλλοι, οί όποίοι άνεφέρθησαν είς τά ζητήματα τής ήμέρας καί είς τάς προοπτικάς τής οίκονομικής άναπτύξεως τής χώρας. Αί συζητήσεις συνεχίσθησαν μέχρι τής βραδυνής, όπότε καί έληξεν ή συγκέντρωσις έν άπολύτω τάξει. Κατά τήν χθεσινήν ήμέραν έπραγματοποιήθη είς τήν αίθουσαν τού συλλόγου ή έκδήλωσις, είς τήν όποίαν παρευρέθησαν πολλοί έκπρόσωποι τών άρχών καί τού λαού τής πόλεως. Ό πρόεδρος άνέγνωσε τήν έκθεσιν πεπραγμένων καί έτόνισε τήν άνάγκην συνεργασίας όλων διά τήν πρόοδον τού τόπου. Μετά ταύτα ώμίλησαν καί άλλοι, οί όποίοι άνεφέρθησαν είς τά ζητήματα τής ήμέρας καί είς τάς προοπτικάς τής οίκονομικής άναπτύξεως τής χώρας. Αί συζητήσεις συνεχίσθησαν μέχρι τής βραδυνής, όπότε καί έληξεν ή συγκέντρωσις έν άπολύτω τάξει.
Κατά τήν χθεσινήν ήμέραν έπραγματοποιήθη είς τήν αίθουσαν τού συλλόγου ή έκδήλωσις, είς τήν όποίαν παρευρέθησαν πολλοί έκπρόσωποι τών άρχών καί τού λαού τής πόλεως. Ό πρόεδρος άνέγνωσε τήν έκθεσιν πεπραγμένων καί έτόνισε τήν άνάγκην συνεργασίας όλων διά τήν πρόοδον τού τόπου. Μετά ταύτα ώμίλησαν καί άλλοι, οί όποίοι άνεφέρθησαν είς τά ζητήματα τής ήμέρας καί είς τάς προοπτικάς τής οίκονομικής άναπτύξεως τής χώρας. Αί συζητήσεις συνεχίσθησαν μέχρι τής βραδυνής, όπότε καί έληξεν ή συγκέντρωσις έν άπολύτω τάξει. Κατά τήν χθεσινήν ήμέραν έπραγματοποιήθη είς τήν αίθουσαν τού συλλόγου ή έκδήλωσις, είς τήν όποίαν παρευρέθησαν πολλοί έκπρόσωποι τών άρχών καί τού λαού τής πόλεως. Ό πρόεδρος άνέγνωσε τήν έκθεσιν πεπραγμένων καί έτόνισε τήν άνάγκην συνεργασίας όλων διά τήν πρόοδον τού τόπου. Μετά ταύτα ώμίλησαν καί άλλοι, οί όποίοι άνεφέρθησαν είς τά ζητήματα τής ήμέρας καί είς τάς προοπτικάς τής οίκονομικής άναπτύξεως τής χώρας. Αί συζητήσεις συνεχίσθησαν μέχρι τής βραδυνής, όπότε καί έληξεν ή συγκέντρωσις έν άπολύτω τάξει.
Κατά τήν χθεσινήν ήμέραν έπραγματοποιήθη είς τήν αίθουσαν τού συλλόγου ή έκδήλωσις, είς τήν όποίαν παρευρέθησαν πολλοί έκπρόσωποι τών άρχών καί τού λαού τής πόλεως. Ό πρόεδρος άνέγνωσε τήν έκθεσιν πεπραγμένων καί έτόνισε τήν άνάγκην συνεργασίας όλων διά τήν πρόοδον τού τόπου. Μετά ταύτα ώμίλησαν καί άλλοι, οί όποίοι άνεφέρθησαν είς τά ζητήματα τής ήμέρας καί είς τάς προοπτικάς τής οίκονομικής άναπτύξεως τής χώρας. Αί συζητήσεις συνεχίσθησαν μέχρι τής βραδυνής, όπότε καί έληξεν ή συγκέντρωσις έν άπολύτω τάξει. Κατά τήν χθεσινήν ήμέραν έπραγματοποιήθη είς τήν αίθουσαν τού συλλόγου ή έκδήλωσις, είς τήν όποίαν παρευρέθησαν πολλοί έκπρόσωποι τών άρχών καί τού λαού τής πόλεως. Ό πρόεδρος άνέγνωσε τήν έκθεσιν πεπραγμένων καί έτόνισε τήν άνάγκην συνεργασίας όλων διά τήν πρόοδον τού τόπου. Μετά ταύτα ώμίλησαν καί άλλοι, οί όποίοι άνεφέρθησαν είς τά ζητήματα τής ήμέρας καί είς τάς προοπτικάς τής οίκονομικής άναπτύξεως τής χώρας. Αί συζητήσεις συνεχίσθησαν μέχρι τής βραδυνής, όπότε καί έληξεν ή συγκέντρωσις έν άπολύτω τάξει.
Η ΟΜΙΛΙΑ ΤΟΥ ΚΑΘΗΓΗΤΟΥ κ. ΑΓΓΕΛΟΠΟΥΛΟΥ
Η ΚΥΒΕΡΝΗΣΙΣ ΔΕΝ ΕΔΗΜΙΟΥΡΓΗΣΕ ΤΑΣ ΒΑΣΕΙΣ ΔΙΑ ΤΗΝ ΟΙΚΟΝΟΜΙΚΗΝ ΑΝΑΠΤΥΞΙΝ ΤΗΣ ΧΩΡΑΣ
Κατά τήν χθεσινήν ήμέραν έπραγματοποιήθη είς τήν αίθουσαν τού συλλόγου ή έκδήλωσις, είς τήν όποίαν παρευρέθησαν πολλοί έκπρόσωποι τών άρχών καί τού λαού τής πόλεως. Ό πρόεδρος άνέγνωσε τήν έκθεσιν πεπραγμένων καί έτόνισε τήν άνάγκην συνεργασίας όλων διά τήν πρόοδον τού τόπου. Μετά ταύτα ώμίλησαν καί άλλοι, οί όποίοι άνεφέρθησαν είς τά ζητήματα τής ήμέρας καί είς τάς προοπτικάς τής οίκονομικής άναπτύξεως τής χώρας. Αί συζητήσεις συνεχίσθησαν μέχρι τής βραδυνής, όπότε καί έληξεν ή συγκέντρωσις έν άπολύτω τάξει.
Τό πολυπληθές άκροατήριον, παρακολουθεί τήν διάλεξιν τού κ. Άγγελοπούλου.
Κατά τήν χθεσινήν ήμέραν έπραγματοποιήθη είς τήν αίθουσαν τού συλλόγου ή έκδήλωσις, είς τήν όποίαν παρευρέθησαν πολλοί έκπρόσωποι τών άρχών καί τού λαού τής πόλεως. Ό πρόεδρος άνέγνωσε τήν έκθεσιν πεπραγμένων καί έτόνισε τήν άνάγκην συνεργασίας όλων διά τήν πρόοδον τού τόπου. Μετά ταύτα ώμίλησαν καί άλλοι, οί όποίοι άνεφέρθησαν είς τά ζητήματα τής ήμέρας καί είς τάς προοπτικάς τής οίκονομικής άναπτύξεως τής χώρας. Αί συζητήσεις συνεχίσθησαν μέχρι τής βραδυνής, όπότε καί έληξεν ή συγκέντρωσις έν άπολύτω τάξει.
ΤΟ ΠΕΝΤΑΕΤΕΣ ΠΡΟΓΡΑΜΜΑ
Κατά τήν χθεσινήν ήμέραν έπραγματοποιήθη είς τήν αίθουσαν τού συλλόγου ή έκδήλωσις, είς τήν όποίαν παρευρέθησαν πολλοί έκπρόσωποι τών άρχών καί τού λαού τής πόλεως. Ό πρόεδρος άνέγνωσε τήν έκθεσιν πεπραγμένων καί έτόνισε τήν άνάγκην συνεργασίας όλων διά τήν πρόοδον τού τόπου. Μετά ταύτα ώμίλησαν καί άλλοι, οί όποίοι άνεφέρθησαν είς τά ζητήματα τής ήμέρας καί είς τάς προοπτικάς τής οίκονομικής άναπτύξεως τής χώρας. Αί συζητήσεις συνεχίσθησαν μέχρι τής βραδυνής, όπότε καί έληξεν ή συγκέντρωσις έν άπολύτω τάξει.
ΕΞΑΜΗΝΟΣ ΦΥΛΑΚΙΣΙΣ ΕΙΣ ΕΦΟΡΙΑΚΟΝ ΥΠΑΛΛΗΛΟΝ ΕΠΙ ΔΩΡΟΛΗΨΙΑ
Κατά τήν χθεσινήν ήμέραν έπραγματοποιήθη είς τήν αίθουσαν τού συλλόγου ή έκδήλωσις, είς τήν όποίαν παρευρέθησαν πολλοί έκπρόσωποι τών άρχών καί τού λαού τής πόλεως. Ό πρόεδρος άνέγνωσε τήν έκθεσιν πεπραγμένων καί έτόνισε τήν άνάγκην συνεργασίας όλων διά τήν πρόοδον τού τόπου. Μετά ταύτα ώμίλησαν καί άλλοι, οί όποίοι άνεφέρθησαν είς τά ζητήματα τής ήμέρας καί είς τάς προοπτικάς τής οίκονομικής άναπτύξεως τής χώρας. Αί συζητήσεις συνεχίσθησαν μέχρι τής βραδυνής, όπότε καί έληξεν ή συγκέντρωσις έν άπολύτω τάξει.
ΚΑΘΗΓΗΤΑΙ ΣΥΜΠΛΑΚΕΝΤΕΣ ΕΙΣ ΤΟΥΣ ΔΙΑΔΡΟΜΟΥΣ ΓΥΜΝΑΣΙΟΥ ΑΡΡΕΝΩΝ
Κατά τήν χθεσινήν ήμέραν έπραγματοποιήθη είς τήν αίθουσαν τού συλλόγου ή έκδήλωσις, είς τήν όποίαν παρευρέθησαν πολλοί έκπρόσωποι τών άρχών καί τού λαού τής πόλεως. Ό πρόεδρος άνέγνωσε τήν έκθεσιν πεπραγμένων καί έτόνισε τήν άνάγκην συνεργασίας όλων διά τήν πρόοδον τού τόπου. Μετά ταύτα ώμίλησαν καί άλλοι, οί όποίοι άνεφέρθησαν είς τά ζητήματα τής ήμέρας καί είς τάς προοπτικάς τής οίκονομικής άναπτύξεως τής χώρας. Αί συζητήσεις συνεχίσθησαν μέχρι τής βραδυνής, όπότε καί έληξεν ή συγκέντρωσις έν άπολύτω τάξει.
ΝΕΑ ΣΥΝΑΝΤΗΣΙΣ ΤΩΝ ΕΝ ΒΑΡΣΟΒΙΑ ΠΡΕΣΒΕΩΝ ΗΝ. ΠΟΛΙΤΕΙΩΝ ΚΑΙ ΚΙΝΑΣ
Κατά τήν χθεσινήν ήμέραν έπραγματοποιήθη είς τήν αίθουσαν τού συλλόγου ή έκδήλωσις, είς τήν όποίαν παρευρέθησαν πολλοί έκπρόσωποι τών άρχών καί τού λαού τής πόλεως. Ό πρόεδρος άνέγνωσε τήν έκθεσιν πεπραγμένων καί έτόνισε τήν άνάγκην συνεργασίας όλων διά τήν πρόοδον τού τόπου. Μετά ταύτα ώμίλησαν καί άλλοι, οί όποίοι άνεφέρθησαν είς τά ζητήματα τής ήμέρας καί είς τάς προοπτικάς τής οίκονομικής άναπτύξεως τής χώρας. Αί συζητήσεις συνεχίσθησαν μέχρι τής βραδυνής, όπότε καί έληξεν ή συγκέντρωσις έν άπολύτω τάξει.
ΑΠΗΛΛΑΓΗΣΑΝ ΠΡΩΗΝ ΒΟΥΛΕΥΤΑΙ ΤΗΣ Ε.Δ.Α.
Κατά τήν χθεσινήν ήμέραν έπραγματοποιήθη είς τήν αίθουσαν τού συλλόγου ή έκδήλωσις, είς τήν όποίαν παρευρέθησαν πολλοί έκπρόσωποι τών άρχών καί τού λαού τής πόλεως. Ό πρόεδρος άνέγνωσε τήν έκθεσιν πεπραγμένων καί έτόνισε τήν άνάγκην συνεργασίας όλων διά τήν πρόοδον τού τόπου. Μετά ταύτα ώμίλησαν καί άλλοι, οί όποίοι άνεφέρθησαν είς τά ζητήματα τής ήμέρας καί είς τάς προοπτικάς τής οίκονομικής άναπτύξεως τής χώρας. Αί συζητήσεις συνεχίσθησαν μέχρι τής βραδυνής, όπότε καί έληξεν ή συγκέντρωσις έν άπολύτω τάξει.
Ο Κ. ΔΑΙΜΠΡΑΝΤΗΣ ΕΙΣ ΜΥΤΙΛΗΝΗΝ
Κατά τήν χθεσινήν ήμέραν έπραγματοποιήθη είς τήν αίθουσαν τού συλλόγου ή έκδήλωσις, είς τήν όποίαν παρευρέθησαν πολλοί έκπρόσωποι τών άρχών καί τού λαού τής πόλεως. Ό πρόεδρος άνέγνωσε τήν έκθεσιν πεπραγμένων καί έτόνισε τήν άνάγκην συνεργασίας όλων διά τήν πρόοδον τού τόπου. Μετά ταύτα ώμίλησαν καί άλλοι, οί όποίοι άνεφέρθησαν είς τά ζητήματα τής ήμέρας καί είς τάς προοπτικάς τής οίκονομικής άναπτύξεως τής χώρας. Αί συζητήσεις συνεχίσθησαν μέχρι τής βραδυνής, όπότε καί έληξεν ή συγκέντρωσις έν άπολύτω τάξει.
Κατά τήν χθεσινήν ήμέραν έπραγματοποιήθη είς τήν αίθουσαν τού συλλόγου ή έκδήλωσις, είς τήν όποίαν παρευρέθησαν πολλοί έκπρόσωποι τών άρχών καί τού λαού τής πόλεως. Ό πρόεδρος άνέγνωσε τήν έκθεσιν πεπραγμένων καί έτόνισε τήν άνάγκην συνεργασίας όλων διά τήν πρόοδον τού τόπου. Μετά ταύτα ώμίλησαν καί άλλοι, οί όποίοι άνεφέρθησαν είς τά ζητήματα τής ήμέρας καί είς τάς προοπτικάς τής οίκονομικής άναπτύξεως τής χώρας. Αί συζητήσεις συνεχίσθησαν μέχρι τής βραδυνής, όπότε καί έληξεν ή συγκέντρωσις έν άπολύτω τάξει. Κατά τήν χθεσινήν ήμέραν έπραγματοποιήθη είς τήν αίθουσαν τού συλλόγου ή έκδήλωσις, είς τήν όποίαν παρευρέθησαν πολλοί έκπρόσωποι τών άρχών καί τού λαού τής πόλεως. Ό πρόεδρος άνέγνωσε τήν έκθεσιν πεπραγμένων καί έτόνισε τήν άνάγκην συνεργασίας όλων διά τήν πρόοδον τού τόπου. Μετά ταύτα ώμίλησαν καί άλλοι, οί όποίοι άνεφέρθησαν είς τά ζητήματα τής ήμέρας καί είς τάς προοπτικάς τής οίκονομικής άναπτύξεως τής χώρας. Αί συζητήσεις συνεχίσθησαν μέχρι τής βραδυνής, όπότε καί έληξεν ή συγκέντρωσις έν άπολύτω τάξει. Κατά τήν χθεσινήν ήμέραν έπραγματοποιήθη είς τήν αίθουσαν τού συλλόγου ή έκδήλωσις, είς τήν όποίαν παρευρέθησαν πολλοί έκπρόσωποι τών άρχών καί τού λαού τής πόλεως. Ό πρόεδρος άνέγνωσε τήν έκθεσιν πεπραγμένων καί έτόνισε τήν άνάγκην συνεργασίας όλων διά τήν πρόοδον τού τόπου. Μετά ταύτα ώμίλησαν καί άλλοι, οί όποίοι άνεφέρθησαν είς τά ζητήματα τής ήμέρας καί είς τάς προοπτικάς τής οίκονομικής άναπτύξεως τής χώρας. Αί συζητήσεις συνεχίσθησαν μέχρι τής βραδυνής, όπότε καί έληξεν ή συγκέντρωσις έν άπολύτω τάξει.
ΥΙΟΣ ΚΑΙ ΠΑΤΗΡ ΚΑΤΕΔΙΚΑΣΘΗΣΑΝ ΕΙΣ ΥΠΕΞΑΙΡΕΣΙΝ ΠΡΟΓΡΑΜΜΑΤΟΣ ΔΩΡΕΑΣ
Κατά τήν χθεσινήν ήμέραν έπραγματοποιήθη είς τήν αίθουσαν τού συλλόγου ή έκδήλωσις, είς τήν όποίαν παρευρέθησαν πολλοί έκπρόσωποι τών άρχών καί τού λαού τής πόλεως. Ό πρόεδρος άνέγνωσε τήν έκθεσιν πεπραγμένων καί έτόνισε τήν άνάγκην συνεργασίας όλων διά τήν πρόοδον τού τόπου. Μετά ταύτα ώμίλησαν καί άλλοι, οί όποίοι άνεφέρθησαν είς τά ζητήματα τής ήμέρας καί είς τάς προοπτικάς τής οίκονομικής άναπτύξεως τής χώρας. Αί συζητήσεις συνεχίσθησαν μέχρι τής βραδυνής, όπότε καί έληξεν ή συγκέντρωσις έν άπολύτω τάξει.
ΜΕ ΤΙ ΑΣΧΟΛΟΥΝΤΑΙ ΟΙ ΛΟΓΟΤΕΧΝΑΙ ΕΙΣ ΤΗΝ ΠΟΛΩΝΙΑΝ
Κατά τήν χθεσινήν ήμέραν έπραγματοποιήθη είς τήν αίθουσαν τού συλλόγου ή έκδήλωσις, είς τήν όποίαν παρευρέθησαν πολλοί έκπρόσωποι τών άρχών καί τού λαού τής πόλεως. Ό πρόεδρος άνέγνωσε τήν έκθεσιν πεπραγμένων καί έτόνισε τήν άνάγκην συνεργασίας όλων διά τήν πρόοδον τού τόπου. Μετά ταύτα ώμίλησαν καί άλλοι, οί όποίοι άνεφέρθησαν είς τά ζητήματα τής ήμέρας καί είς τάς προοπτικάς τής οίκονομικής άναπτύξεως τής χώρας. Αί συζητήσεις συνεχίσθησαν μέχρι τής βραδυνής, όπότε καί έληξεν ή συγκέντρωσις έν άπολύτω τάξει.
ΤΕΣΣΑΡΑ ΝΕΑ ΓΡΑΜΜΑΤΟΣΗΜΑ ΤΟΥ ΒΑΤΙΚΑΝΟΥ
Κατά τήν χθεσινήν ήμέραν έπραγματοποιήθη είς τήν αίθουσαν τού συλλόγου ή έκδήλωσις, είς τήν όποίαν παρευρέθησαν πολλοί έκπρόσωποι τών άρχών καί τού λαού τής πόλεως. Ό πρόεδρος άνέγνωσε τήν έκθεσιν πεπραγμένων καί έτόνισε τήν άνάγκην συνεργασίας όλων διά τήν πρόοδον τού τόπου. Μετά ταύτα ώμίλησαν καί άλλοι, οί όποίοι άνεφέρθησαν είς τά ζητήματα τής ήμέρας καί είς τάς προοπτικάς τής οίκονομικής άναπτύξεως τής χώρας. Αί συζητήσεις συνεχίσθησαν μέχρι τής βραδυνής, όπότε καί έληξεν ή συγκέντρωσις έν άπολύτω τάξει.
ΒΑΣΙΚΑΙ ΠΡΟΥΠΟΘΕΣΕΙΣ
Κατά τήν χθεσινήν ήμέραν έπραγματοποιήθη είς τήν αίθουσαν τού συλλόγου ή έκδήλωσις, είς τήν όποίαν παρευρέθησαν πολλοί έκπρόσωποι τών άρχών καί τού λαού τής πόλεως. Ό πρόεδρος άνέγνωσε τήν έκθεσιν πεπραγμένων καί έτόνισε τήν άνάγκην συνεργασίας όλων διά τήν πρόοδον τού τόπου. Μετά ταύτα ώμίλησαν καί άλλοι, οί όποίοι άνεφέρθησαν είς τά ζητήματα τής ήμέρας καί είς τάς προοπτικάς τής οίκονομικής άναπτύξεως τής χώρας. Αί συζητήσεις συνεχίσθησαν μέχρι τής βραδυνής, όπότε καί έληξεν ή συγκέντρωσις έν άπολύτω τάξει.
ΔΕΚΑΜΗΝΟΣ ΦΥΛΑΚΙΣΙΣ ΔΙ' ΑΝΘΡΩΠΟΚΤΟΝΙΑΝ ΕΞ ΑΜΕΛΕΙΑΣ
Κατά τήν χθεσινήν ήμέραν έπραγματοποιήθη είς τήν αίθουσαν τού συλλόγου ή έκδήλωσις, είς τήν όποίαν παρευρέθησαν πολλοί έκπρόσωποι τών άρχών καί τού λαού τής πόλεως. Ό πρόεδρος άνέγνωσε τήν έκθεσιν πεπραγμένων καί έτόνισε τήν άνάγκην συνεργασίας όλων διά τήν πρόοδον τού τόπου. Μετά ταύτα ώμίλησαν καί άλλοι, οί όποίοι άνεφέρθησαν είς τά ζητήματα τής ήμέρας καί είς τάς προοπτικάς τής οίκονομικής άναπτύξεως τής χώρας. Αί συζητήσεις συνεχίσθησαν μέχρι τής βραδυνής, όπότε καί έληξεν ή συγκέντρωσις έν άπολύτω τάξει.
ΚΑΤΗΓΟΡΗΘΗ ΟΤΙ ΕΞΕΓΥΜΝΩΘΗ ΕΝΩΠΙΟΝ ΝΕΑΝΙΔΩΝ
Κατά τήν χθεσινήν ήμέραν έπραγματοποιήθη είς τήν αίθουσαν τού συλλόγου ή έκδήλωσις, είς τήν όποίαν παρευρέθησαν πολλοί έκπρόσωποι τών άρχών καί τού λαού τής πόλεως. Ό πρόεδρος άνέγνωσε τήν έκθεσιν πεπραγμένων καί έτόνισε τήν άνάγκην συνεργασίας όλων διά τήν πρόοδον τού τόπου. Μετά ταύτα ώμίλησαν καί άλλοι, οί όποίοι άνεφέρθησαν είς τά ζητήματα τής ήμέρας καί είς τάς προοπτικάς τής οίκονομικής άναπτύξεως τής χώρας. Αί συζητήσεις συνεχίσθησαν μέχρι τής βραδυνής, όπότε καί έληξεν ή συγκέντρωσις έν άπολύτω τάξει.
ΚΥΒΕΡΝΗΣΙΣ ΑΠΟΦΑΣΙΣΜΕΝΗ
Κατά τήν χθεσινήν ήμέραν έπραγματοποιήθη είς τήν αίθουσαν τού συλλόγου ή έκδήλωσις, είς τήν όποίαν παρευρέθησαν πολλοί έκπρόσωποι τών άρχών καί τού λαού τής πόλεως. Ό πρόεδρος άνέγνωσε τήν έκθεσιν πεπραγμένων καί έτόνισε τήν άνάγκην συνεργασίας όλων διά τήν πρόοδον τού τόπου. Μετά ταύτα ώμίλησαν καί άλλοι, οί όποίοι άνεφέρθησαν είς τά ζητήματα τής ήμέρας καί είς τάς προοπτικάς τής οίκονομικής άναπτύξεως τής χώρας. Αί συζητήσεις συνεχίσθησαν μέχρι τής βραδυνής, όπότε καί έληξεν ή συγκέντρωσις έν άπολύτω τάξει.
Είς τήν Ράθολ, τής Καλιφορνίας, μικρόν μονοκινητήριον άεροπλάν, νον προσεγγίσθη άνωμάλως είς τόν σιδηροδρομικόν σταθμόν, συνεπεία καταστροφής τής μηχανής του. Τό άεροσκάφος συνέτριψε κατά τήν πτώσιν του, άλλ' ό πιλότος, Βίρτζιλ Κόρτονι, έπέτυχε έκσφενδονισθή καί σωθή.
Ή Ε.Ρ.Ε. φοβείται τήν αύριανήν έκλογήν
ΑΠΑΤΗΛΑ ΣΥΝΘΗΜΑΤΑ ΕΚΤΟΞΕΥΟΥΝΤΑΙ ΕΙΣ ΒΑΡΟΣ ΤΟΥ ΥΠΟΨΗΦΙΟΥ κ. ΤΣΑΠΑΡΑ
Συνέστησεν είς τούς πολυπληθείς φίλους του νά καφεύσουν καί προσέλθουν είς τάς κάλπας
Κατά τήν χθεσινήν ήμέραν έπραγματοποιήθη είς τήν αίθουσαν τού συλλόγου ή έκδήλωσις, είς τήν όποίαν παρευρέθησαν πολλοί έκπρόσωποι τών άρχών καί τού λαού τής πόλεως. Ό πρόεδρος άνέγνωσε τήν έκθεσιν πεπραγμένων καί έτόνισε τήν άνάγκην συνεργασίας όλων διά τήν πρόοδον τού τόπου. Μετά ταύτα ώμίλησαν καί άλλοι, οί όποίοι άνεφέρθησαν είς τά ζητήματα τής ήμέρας καί είς τάς προοπτικάς τής οίκονομικής άναπτύξεως τής χώρας. Αί συζητήσεις συνεχίσθησαν μέχρι τής βραδυνής, όπότε καί έληξεν ή συγκέντρωσις έν άπολύτω τάξει. Κατά τήν χθεσινήν ήμέραν έπραγματοποιήθη είς τήν αίθουσαν τού συλλόγου ή έκδήλωσις, είς τήν όποίαν παρευρέθησαν πολλοί έκπρόσωποι τών άρχών καί τού λαού τής πόλεως. Ό πρόεδρος άνέγνωσε τήν έκθεσιν πεπραγμένων καί έτόνισε τήν άνάγκην συνεργασίας όλων διά τήν πρόοδον τού τόπου. Μετά ταύτα ώμίλησαν καί άλλοι, οί όποίοι άνεφέρθησαν είς τά ζητήματα τής ήμέρας καί είς τάς προοπτικάς τής οίκονομικής άναπτύξεως τής χώρας. Αί συζητήσεις συνεχίσθησαν μέχρι τής βραδυνής, όπότε καί έληξεν ή συγκέντρωσις έν άπολύτω τάξει.
ΑΝΑΚΟΙΝΩΣΙΣ ΤΗΣ ΕΔΑ
Κατά τήν χθεσινήν ήμέραν έπραγματοποιήθη είς τήν αίθουσαν τού συλλόγου ή έκδήλωσις, είς τήν όποίαν παρευρέθησαν πολλοί έκπρόσωποι τών άρχών καί τού λαού τής πόλεως. Ό πρόεδρος άνέγνωσε τήν έκθεσιν πεπραγμένων καί έτόνισε τήν άνάγκην συνεργασίας όλων διά τήν πρόοδον τού τόπου. Μετά ταύτα ώμίλησαν καί άλλοι, οί όποίοι άνεφέρθησαν είς τά ζητήματα τής ήμέρας καί είς τάς προοπτικάς τής οίκονομικής άναπτύξεως τής χώρας. Αί συζητήσεις συνεχίσθησαν μέχρι τής βραδυνής, όπότε καί έληξεν ή συγκέντρωσις έν άπολύτω τάξει.
Κατά τήν χθεσινήν ήμέραν έπραγματοποιήθη είς τήν αίθουσαν τού συλλόγου ή έκδήλωσις, είς τήν όποίαν παρευρέθησαν πολλοί έκπρόσωποι τών άρχών καί τού λαού τής πόλεως. Ό πρόεδρος άνέγνωσε τήν έκθεσιν πεπραγμένων καί έτόνισε τήν άνάγκην συνεργασίας όλων διά τήν πρόοδον τού τόπου. Μετά ταύτα ώμίλησαν καί άλλοι, οί όποίοι άνεφέρθησαν είς τά ζητήματα τής ήμέρας καί είς τάς προοπτικάς τής οίκονομικής άναπτύξεως τής χώρας. Αί συζητήσεις συνεχίσθησαν μέχρι τής βραδυνής, όπότε καί έληξεν ή συγκέντρωσις έν άπολύτω τάξει. Κατά τήν χθεσινήν ήμέραν έπραγματοποιήθη είς τήν αίθουσαν τού συλλόγου ή έκδήλωσις, είς τήν όποίαν παρευρέθησαν πολλοί έκπρόσωποι τών άρχών καί τού λαού τής πόλεως. Ό πρόεδρος άνέγνωσε τήν έκθεσιν πεπραγμένων καί έτόνισε τήν άνάγκην συνεργασίας όλων διά τήν πρόοδον τού τόπου. Μετά ταύτα ώμίλησαν καί άλλοι, οί όποίοι άνεφέρθησαν είς τά ζητήματα τής ήμέρας καί είς τάς προοπτικάς τής οίκονομικής άναπτύξεως τής χώρας. Αί συζητήσεις συνεχίσθησαν μέχρι τής βραδυνής, όπότε καί έληξεν ή συγκέντρωσις έν άπολύτω τάξει.
ΕΙΣ ΕΦΟΝΕΥΘΗ ΚΑΙ ΤΕΣΣΑΡΕΣ ΕΤΡΑΥΜΑΤΙΣΘΗΣΑΝ ΕΚ ΤΩΝ ΔΙΑΦΟΡΩΝ ΤΡΟΧΑΙΩΝ ΑΤΥΧΗΜΑΤΩΝ ΕΙΣ ΤΗΝ ΘΕΣΣΑΛΟΝΙΚΗΝ, ΝΙΓΡΙΤΑΝ ΚΑΙ ΚΑΒΑΛΑΝ
Κατά τήν χθεσινήν ήμέραν έπραγματοποιήθη είς τήν αίθουσαν τού συλλόγου ή έκδήλωσις, είς τήν όποίαν παρευρέθησαν πολλοί έκπρόσωποι τών άρχών καί τού λαού τής πόλεως. Ό πρόεδρος άνέγνωσε τήν έκθεσιν πεπραγμένων καί έτόνισε τήν άνάγκην συνεργασίας όλων διά τήν πρόοδον τού τόπου. Μετά ταύτα ώμίλησαν καί άλλοι, οί όποίοι άνεφέρθησαν είς τά ζητήματα τής ήμέρας καί είς τάς προοπτικάς τής οίκονομικής άναπτύξεως τής χώρας. Αί συζητήσεις συνεχίσθησαν μέχρι τής βραδυνής, όπότε καί έληξεν ή συγκέντρωσις έν άπολύτω τάξει.
ΕΙΣ ΚΑΒΑΛΑΝ
Κατά τήν χθεσινήν ήμέραν έπραγματοποιήθη είς τήν αίθουσαν τού συλλόγου ή έκδήλωσις, είς τήν όποίαν παρευρέθησαν πολλοί έκπρόσωποι τών άρχών καί τού λαού τής πόλεως. Ό πρόεδρος άνέγνωσε τήν έκθεσιν πεπραγμένων καί έτόνισε τήν άνάγκην συνεργασίας όλων διά τήν πρόοδον τού τόπου. Μετά ταύτα ώμίλησαν καί άλλοι, οί όποίοι άνεφέρθησαν είς τά ζητήματα τής ήμέρας καί είς τάς προοπτικάς τής οίκονομικής άναπτύξεως τής χώρας. Αί συζητήσεις συνεχίσθησαν μέχρι τής βραδυνής, όπότε καί έληξεν ή συγκέντρωσις έν άπολύτω τάξει.
ΟΙ ΕΠΙΧΕΙΡΗΜΑΤΙΑΙ ΟΙΚΟΔΟΜΩΝ ΔΙΑΜΑΡΤΥΡΟΝΤΑΙ ΔΙΟΤΙ ΔΕΝ ΕΞΥΠΗΡΕΤΟΥΝΤΑΙ ΕΠΑΡΚΩΣ ΑΠΟ ΤΟ ΠΟΛΕΟΔΟΜΙΚΟΝ ΓΡΑΦΕΙΟΝ ΘΕΣΣΑΛΟΝΙΚΗΣ
Κατά τήν χθεσινήν ήμέραν έπραγματοποιήθη είς τήν αίθουσαν τού συλλόγου ή έκδήλωσις, είς τήν όποίαν παρευρέθησαν πολλοί έκπρόσωποι τών άρχών καί τού λαού τής πόλεως. Ό πρόεδρος άνέγνωσε τήν έκθεσιν πεπραγμένων καί έτόνισε τήν άνάγκην συνεργασίας όλων διά τήν πρόοδον τού τόπου. Μετά ταύτα ώμίλησαν καί άλλοι, οί όποίοι άνεφέρθησαν είς τά ζητήματα τής ήμέρας καί είς τάς προοπτικάς τής οίκονομικής άναπτύξεως τής χώρας. Αί συζητήσεις συνεχίσθησαν μέχρι τής βραδυνής, όπότε καί έληξεν ή συγκέντρωσις έν άπολύτω τάξει.
Κατά τήν χθεσινήν ήμέραν έπραγματοποιήθη είς τήν αίθουσαν τού συλλόγου ή έκδήλωσις, είς τήν όποίαν παρευρέθησαν πολλοί έκπρόσωποι τών άρχών καί τού λαού τής πόλεως. Ό πρόεδρος άνέγνωσε τήν έκθεσιν πεπραγμένων καί έτόνισε τήν άνάγκην συνεργασίας όλων διά τήν πρόοδον τού τόπου. Μετά ταύτα ώμίλησαν καί άλλοι, οί όποίοι άνεφέρθησαν είς τά ζητήματα τής ήμέρας καί είς τάς προοπτικάς τής οίκονομικής άναπτύξεως τής χώρας. Αί συζητήσεις συνεχίσθησαν μέχρι τής βραδυνής, όπότε καί έληξεν ή συγκέντρωσις έν άπολύτω τάξει.
Ο ΤΣΩΡΤΣΙΛ ΕΠΕΒΙΒΑΣΘΗ ΤΗΣ «ΧΡΙΣΤΙΝΑΣ» ΔΙΑ ΝΑ ΠΡΑΓΜΑΤΟΠΟΙΗΣΗ ΚΡΟΥΑΖΙΕΡΑΝ ΤΡΙΩΝ ΕΒΔΟΜΑΔΩΝ ΑΝΑ ΤΗΝ ΜΕΣΟΓΕΙΟΝ
ΝΙΚΑΙΑ, Γαλλίας, 6. (Ρώϋτερ).— Κατά τήν χθεσινήν ήμέραν έπραγματοποιήθη είς τήν αίθουσαν τού συλλόγου ή έκδήλωσις, είς τήν όποίαν παρευρέθησαν πολλοί έκπρόσωποι τών άρχών καί τού λαού τής πόλεως. Ό πρόεδρος άνέγνωσε τήν έκθεσιν πεπραγμένων καί έτόνισε τήν άνάγκην συνεργασίας όλων διά τήν πρόοδον τού τόπου. Μετά ταύτα ώμίλησαν καί άλλοι, οί όποίοι άνεφέρθησαν είς τά ζητήματα τής ήμέρας καί είς τάς προοπτικάς τής οίκονομικής άναπτύξεως τής χώρας. Αί συζητήσεις συνεχίσθησαν μέχρι τής βραδυνής, όπότε καί έληξεν ή συγκέντρωσις έν άπολύτω τάξει.
Κατά τήν χθεσινήν ήμέραν έπραγματοποιήθη είς τήν αίθουσαν τού συλλόγου ή έκδήλωσις, είς τήν όποίαν παρευρέθησαν πολλοί έκπρόσωποι τών άρχών καί τού λαού τής πόλεως. Ό πρόεδρος άνέγνωσε τήν έκθεσιν πεπραγμένων καί έτόνισε τήν άνάγκην συνεργασίας όλων διά τήν πρόοδον τού τόπου. Μετά ταύτα ώμίλησαν καί άλλοι, οί όποίοι άνεφέρθησαν είς τά ζητήματα τής ήμέρας καί είς τάς προοπτικάς τής οίκονομικής άναπτύξεως τής χώρας. Αί συζητήσεις συνεχίσθησαν μέχρι τής βραδυνής, όπότε καί έληξεν ή συγκέντρωσις έν άπολύτω τάξει.
Η ΑΣΤΥΝΟΜΙΑ ΠΑΡΕΛΑΒΕΝ ΕΚ ΤΗΣ ΜΟΝΗΣ ΤΑΣ ΠΕΝΤΕ ΝΕΑΡΑΣ ΥΠΟΨΗΦΙΑΣ ΜΟΝΑΧΑΣ ΚΑΙ ΤΑΣ ΠΑΡΕΔΩΣΕΝ ΕΙΣ ΤΟΥΣ ΓΟΝΕΙΣ ΤΩΝ
Αί τέσσαρες έκ τών πέντε έξομολογηθεισών τής μονής, ύποψηφίων μοναχών, κατά τήν έπιστροφήν των είς Πειραιά, έντός τού ταξί, κοιμούνται, μετά τό ταξείδιον τής επιστροφής.
ΚΑΛΑΜΑΤΑ, 6.— Κατά τήν χθεσινήν ήμέραν έπραγματοποιήθη είς τήν αίθουσαν τού συλλόγου ή έκδήλωσις, είς τήν όποίαν παρευρέθησαν πολλοί έκπρόσωποι τών άρχών καί τού λαού τής πόλεως. Ό πρόεδρος άνέγνωσε τήν έκθεσιν πεπραγμένων καί έτόνισε τήν άνάγκην συνεργασίας όλων διά τήν πρόοδον τού τόπου. Μετά ταύτα ώμίλησαν καί άλλοι, οί όποίοι άνεφέρθησαν είς τά ζητήματα τής ήμέρας καί είς τάς προοπτικάς τής οίκονομικής άναπτύξεως τής χώρας. Αί συζητήσεις συνεχίσθησαν μέχρι τής βραδυνής, όπότε καί έληξεν ή συγκέντρωσις έν άπολύτω τάξει.
Κατά τήν χθεσινήν ήμέραν έπραγματοποιήθη είς τήν αίθουσαν τού συλλόγου ή έκδήλωσις, είς τήν όποίαν παρευρέθησαν πολλοί έκπρόσωποι τών άρχών καί τού λαού τής πόλεως. Ό πρόεδρος άνέγνωσε τήν έκθεσιν πεπραγμένων καί έτόνισε τήν άνάγκην συνεργασίας όλων διά τήν πρόοδον τού τόπου. Μετά ταύτα ώμίλησαν καί άλλοι, οί όποίοι άνεφέρθησαν είς τά ζητήματα τής ήμέρας καί είς τάς προοπτικάς τής οίκονομικής άναπτύξεως τής χώρας. Αί συζητήσεις συνεχίσθησαν μέχρι τής βραδυνής, όπότε καί έληξεν ή συγκέντρωσις έν άπολύτω τάξει.
ΕΠΙΣΤΡΕΨΑΝ
ΑΘΗΝΑΙ, 6.— Κατά τήν χθεσινήν ήμέραν έπραγματοποιήθη είς τήν αίθουσαν τού συλλόγου ή έκδήλωσις, είς τήν όποίαν παρευρέθησαν πολλοί έκπρόσωποι τών άρχών καί τού λαού τής πόλεως. Ό πρόεδρος άνέγνωσε τήν έκθεσιν πεπραγμένων καί έτόνισε τήν άνάγκην συνεργασίας όλων διά τήν πρόοδον τού τόπου. Μετά ταύτα ώμίλησαν καί άλλοι, οί όποίοι άνεφέρθησαν είς τά ζητήματα τής ήμέρας καί είς τάς προοπτικάς τής οίκονομικής άναπτύξεως τής χώρας. Αί συζητήσεις συνεχίσθησαν μέχρι τής βραδυνής, όπότε καί έληξεν ή συγκέντρωσις έν άπολύτω τάξει.
